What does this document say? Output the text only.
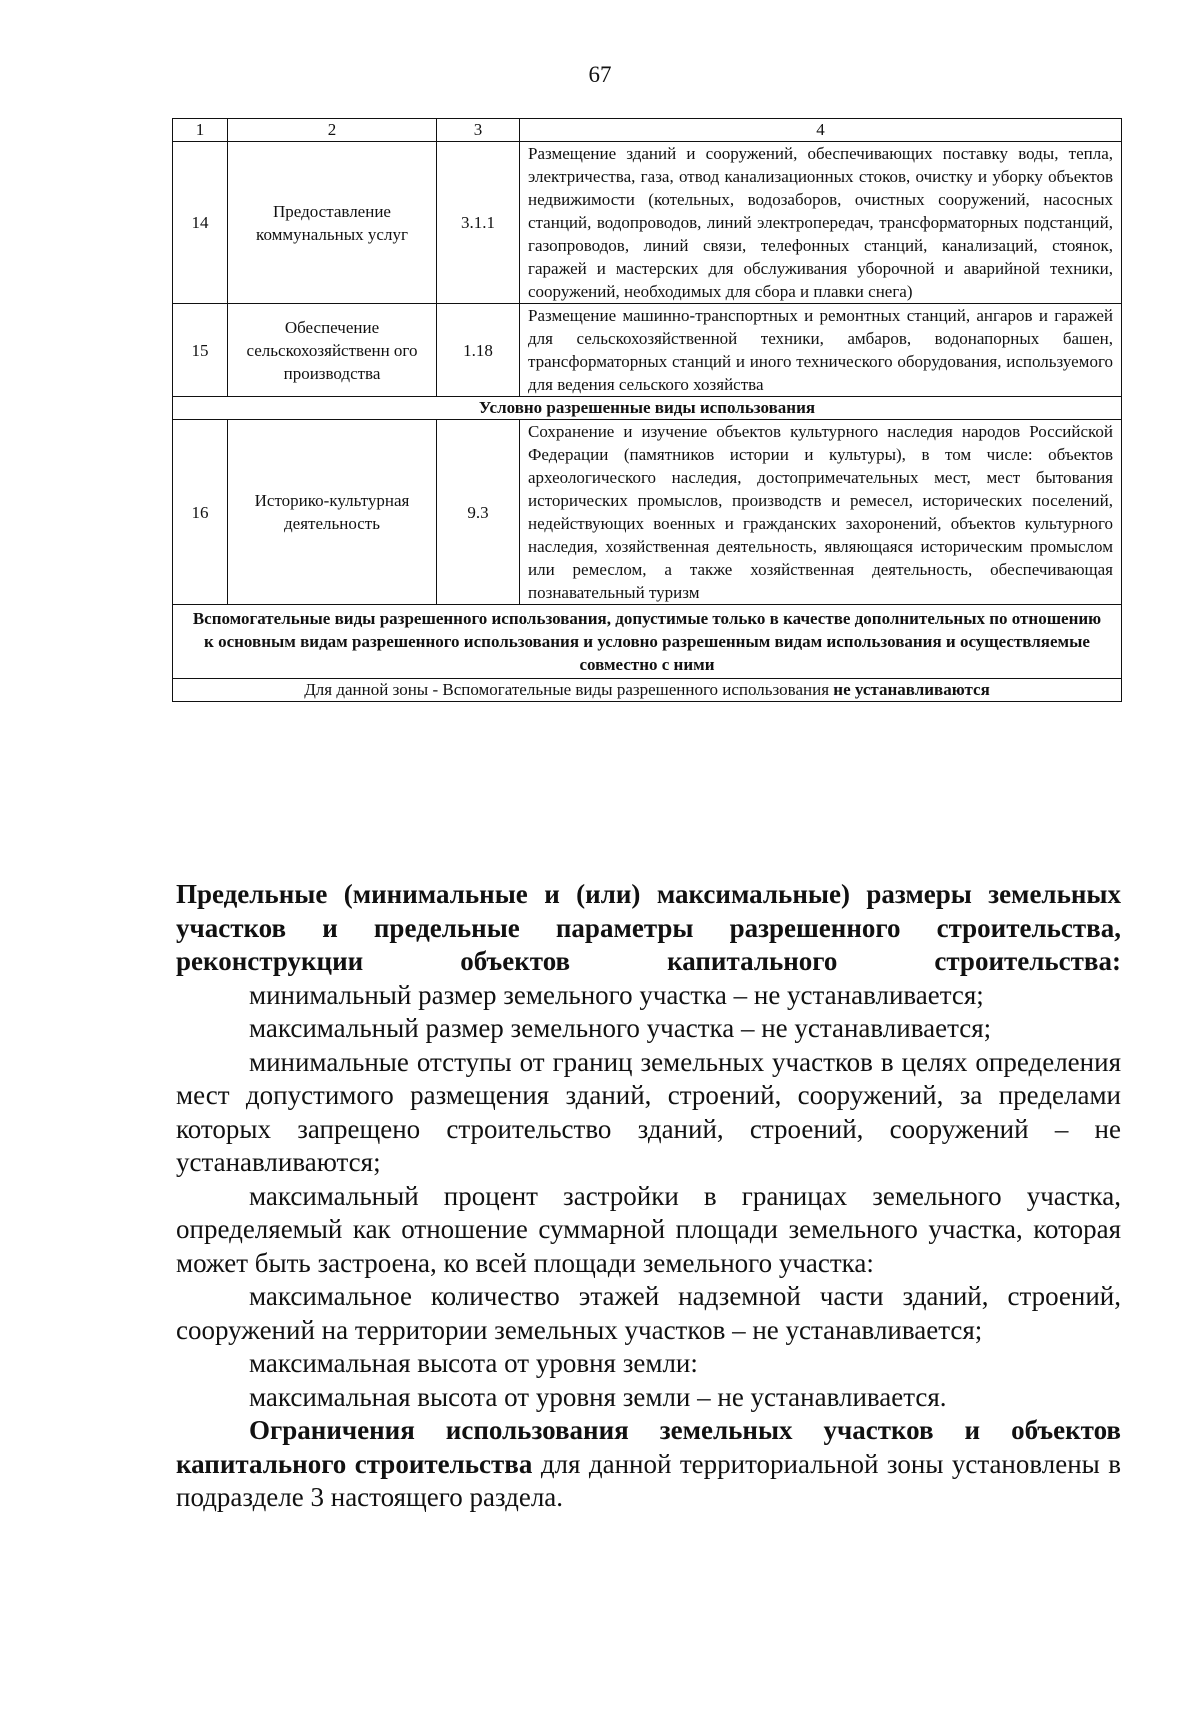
67
1	2	3	4
14	Предоставление коммунальных услуг	3.1.1	Размещение зданий и сооружений, обеспечивающих поставку воды, тепла, электричества, газа, отвод канализационных стоков, очистку и уборку объектов недвижимости (котельных, водозаборов, очистных сооружений, насосных станций, водопроводов, линий электропередач, трансформаторных подстанций, газопроводов, линий связи, телефонных станций, канализаций, стоянок, гаражей и мастерских для обслуживания уборочной и аварийной техники, сооружений, необходимых для сбора и плавки снега)
15	Обеспечение сельскохозяйственн ого производства	1.18	Размещение машинно-транспортных и ремонтных станций, ангаров и гаражей для сельскохозяйственной техники, амбаров, водонапорных башен, трансформаторных станций и иного технического оборудования, используемого для ведения сельского хозяйства
Условно разрешенные виды использования			
16	Историко-культурная деятельность	9.3	Сохранение и изучение объектов культурного наследия народов Российской Федерации (памятников истории и культуры), в том числе: объектов археологического наследия, достопримечательных мест, мест бытования исторических промыслов, производств и ремесел, исторических поселений, недействующих военных и гражданских захоронений, объектов культурного наследия, хозяйственная деятельность, являющаяся историческим промыслом или ремеслом, а также хозяйственная деятельность, обеспечивающая познавательный туризм
Вспомогательные виды разрешенного использования, допустимые только в качестве дополнительных по отношению к основным видам разрешенного использования и условно разрешенным видам использования и осуществляемые совместно с ними			
Для данной зоны - Вспомогательные виды разрешенного использования не устанавливаются			

Предельные (минимальные и (или) максимальные) размеры земельных участков и предельные параметры разрешенного строительства, реконструкции объектов капитального строительства:

минимальный размер земельного участка – не устанавливается;

максимальный размер земельного участка – не устанавливается;

минимальные отступы от границ земельных участков в целях определения мест допустимого размещения зданий, строений, сооружений, за пределами которых запрещено строительство зданий, строений, сооружений – не устанавливаются;

максимальный процент застройки в границах земельного участка, определяемый как отношение суммарной площади земельного участка, которая может быть застроена, ко всей площади земельного участка:

максимальное количество этажей надземной части зданий, строений, сооружений на территории земельных участков – не устанавливается;

максимальная высота от уровня земли:

максимальная высота от уровня земли – не устанавливается.

Ограничения использования земельных участков и объектов капитального строительства для данной территориальной зоны установлены в подразделе 3 настоящего раздела.
